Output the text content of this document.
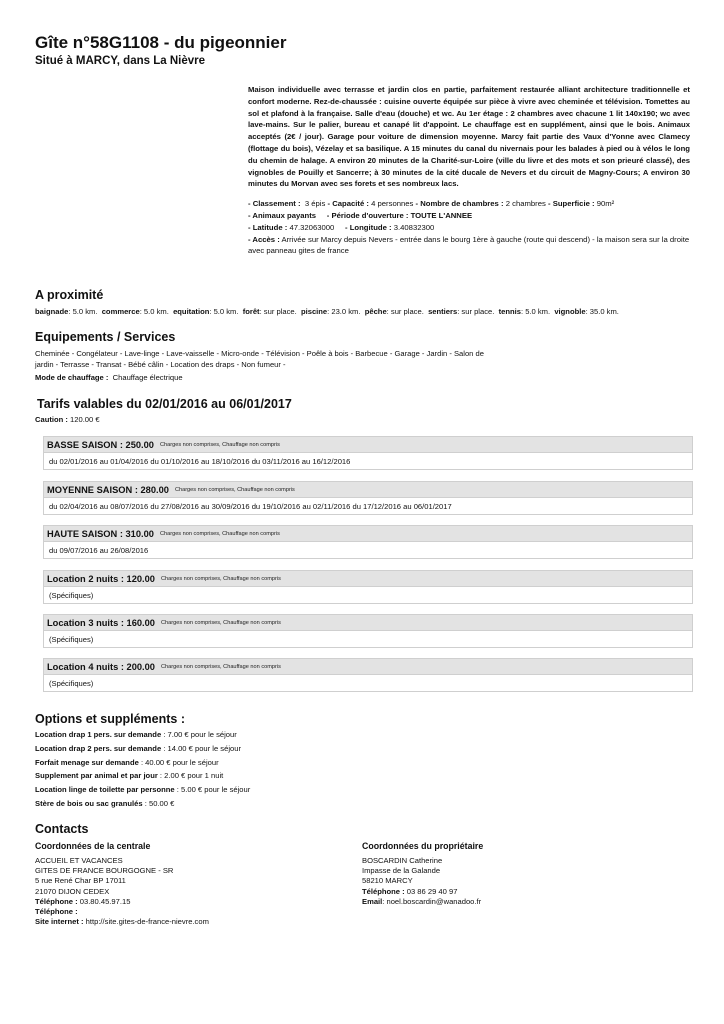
Gîte n°58G1108 - du pigeonnier
Situé à MARCY, dans La Nièvre

Maison individuelle avec terrasse et jardin clos en partie, parfaitement restaurée alliant architecture traditionnelle et confort moderne. Rez-de-chaussée : cuisine ouverte équipée sur pièce à vivre avec cheminée et télévision. Tomettes au sol et plafond à la française. Salle d'eau (douche) et wc. Au 1er étage : 2 chambres avec chacune 1 lit 140x190; wc avec lave-mains. Sur le palier, bureau et canapé lit d'appoint. Le chauffage est en supplément, ainsi que le bois. Animaux acceptés (2€ / jour). Garage pour voiture de dimension moyenne. Marcy fait partie des Vaux d'Yonne avec Clamecy (flottage du bois), Vézelay et sa basilique. A 15 minutes du canal du nivernais pour les balades à pied ou à vélos le long du chemin de halage. A environ 20 minutes de la Charité-sur-Loire (ville du livre et des mots et son prieuré classé), des vignobles de Pouilly et Sancerre; à 30 minutes de la cité ducale de Nevers et du circuit de Magny-Cours; A environ 30 minutes du Morvan avec ses forets et ses nombreux lacs.

- Classement : 3 épis - Capacité : 4 personnes - Nombre de chambres : 2 chambres - Superficie : 90m²

- Animaux payants - Période d'ouverture : TOUTE L'ANNEE

- Latitude : 47.32063000 - Longitude : 3.40832300

- Accès : Arrivée sur Marcy depuis Nevers - entrée dans le bourg 1ère à gauche (route qui descend) - la maison sera sur la droite avec panneau gites de france

A proximité
baignade: 5.0 km. commerce: 5.0 km. equitation: 5.0 km. forêt: sur place. piscine: 23.0 km. pêche: sur place. sentiers: sur place. tennis: 5.0 km. vignoble: 35.0 km.
Equipements / Services
Cheminée - Congélateur - Lave-linge - Lave-vaisselle - Micro-onde - Télévision - Poêle à bois - Barbecue - Garage - Jardin - Salon de
jardin - Terrasse - Transat - Bébé câlin - Location des draps - Non fumeur -
Mode de chauffage : Chauffage électrique
Tarifs valables du 02/01/2016 au 06/01/2017
Caution : 120.00 €
BASSE SAISON : 250.00 Charges non comprises, Chauffage non compris
du 02/01/2016 au 01/04/2016 du 01/10/2016 au 18/10/2016 du 03/11/2016 au 16/12/2016
MOYENNE SAISON : 280.00 Charges non comprises, Chauffage non compris
du 02/04/2016 au 08/07/2016 du 27/08/2016 au 30/09/2016 du 19/10/2016 au 02/11/2016 du 17/12/2016 au 06/01/2017
HAUTE SAISON : 310.00 Charges non comprises, Chauffage non compris
du 09/07/2016 au 26/08/2016
Location 2 nuits : 120.00 Charges non comprises, Chauffage non compris
(Spécifiques)
Location 3 nuits : 160.00 Charges non comprises, Chauffage non compris
(Spécifiques)
Location 4 nuits : 200.00 Charges non comprises, Chauffage non compris
(Spécifiques)
Options et suppléments :
Location drap 1 pers. sur demande : 7.00 € pour le séjour
Location drap 2 pers. sur demande : 14.00 € pour le séjour
Forfait menage sur demande : 40.00 € pour le séjour
Supplement par animal et par jour : 2.00 € pour 1 nuit
Location linge de toilette par personne : 5.00 € pour le séjour
Stère de bois ou sac granulés : 50.00 €
Contacts
Coordonnées de la centrale
ACCUEIL ET VACANCES
GITES DE FRANCE BOURGOGNE - SR
5 rue René Char BP 17011
21070 DIJON CEDEX
Téléphone : 03.80.45.97.15
Téléphone :
Site internet : http://site.gites-de-france-nievre.com
Coordonnées du propriétaire
BOSCARDIN Catherine
Impasse de la Galande
58210 MARCY
Téléphone : 03 86 29 40 97
Email: noel.boscardin@wanadoo.fr
